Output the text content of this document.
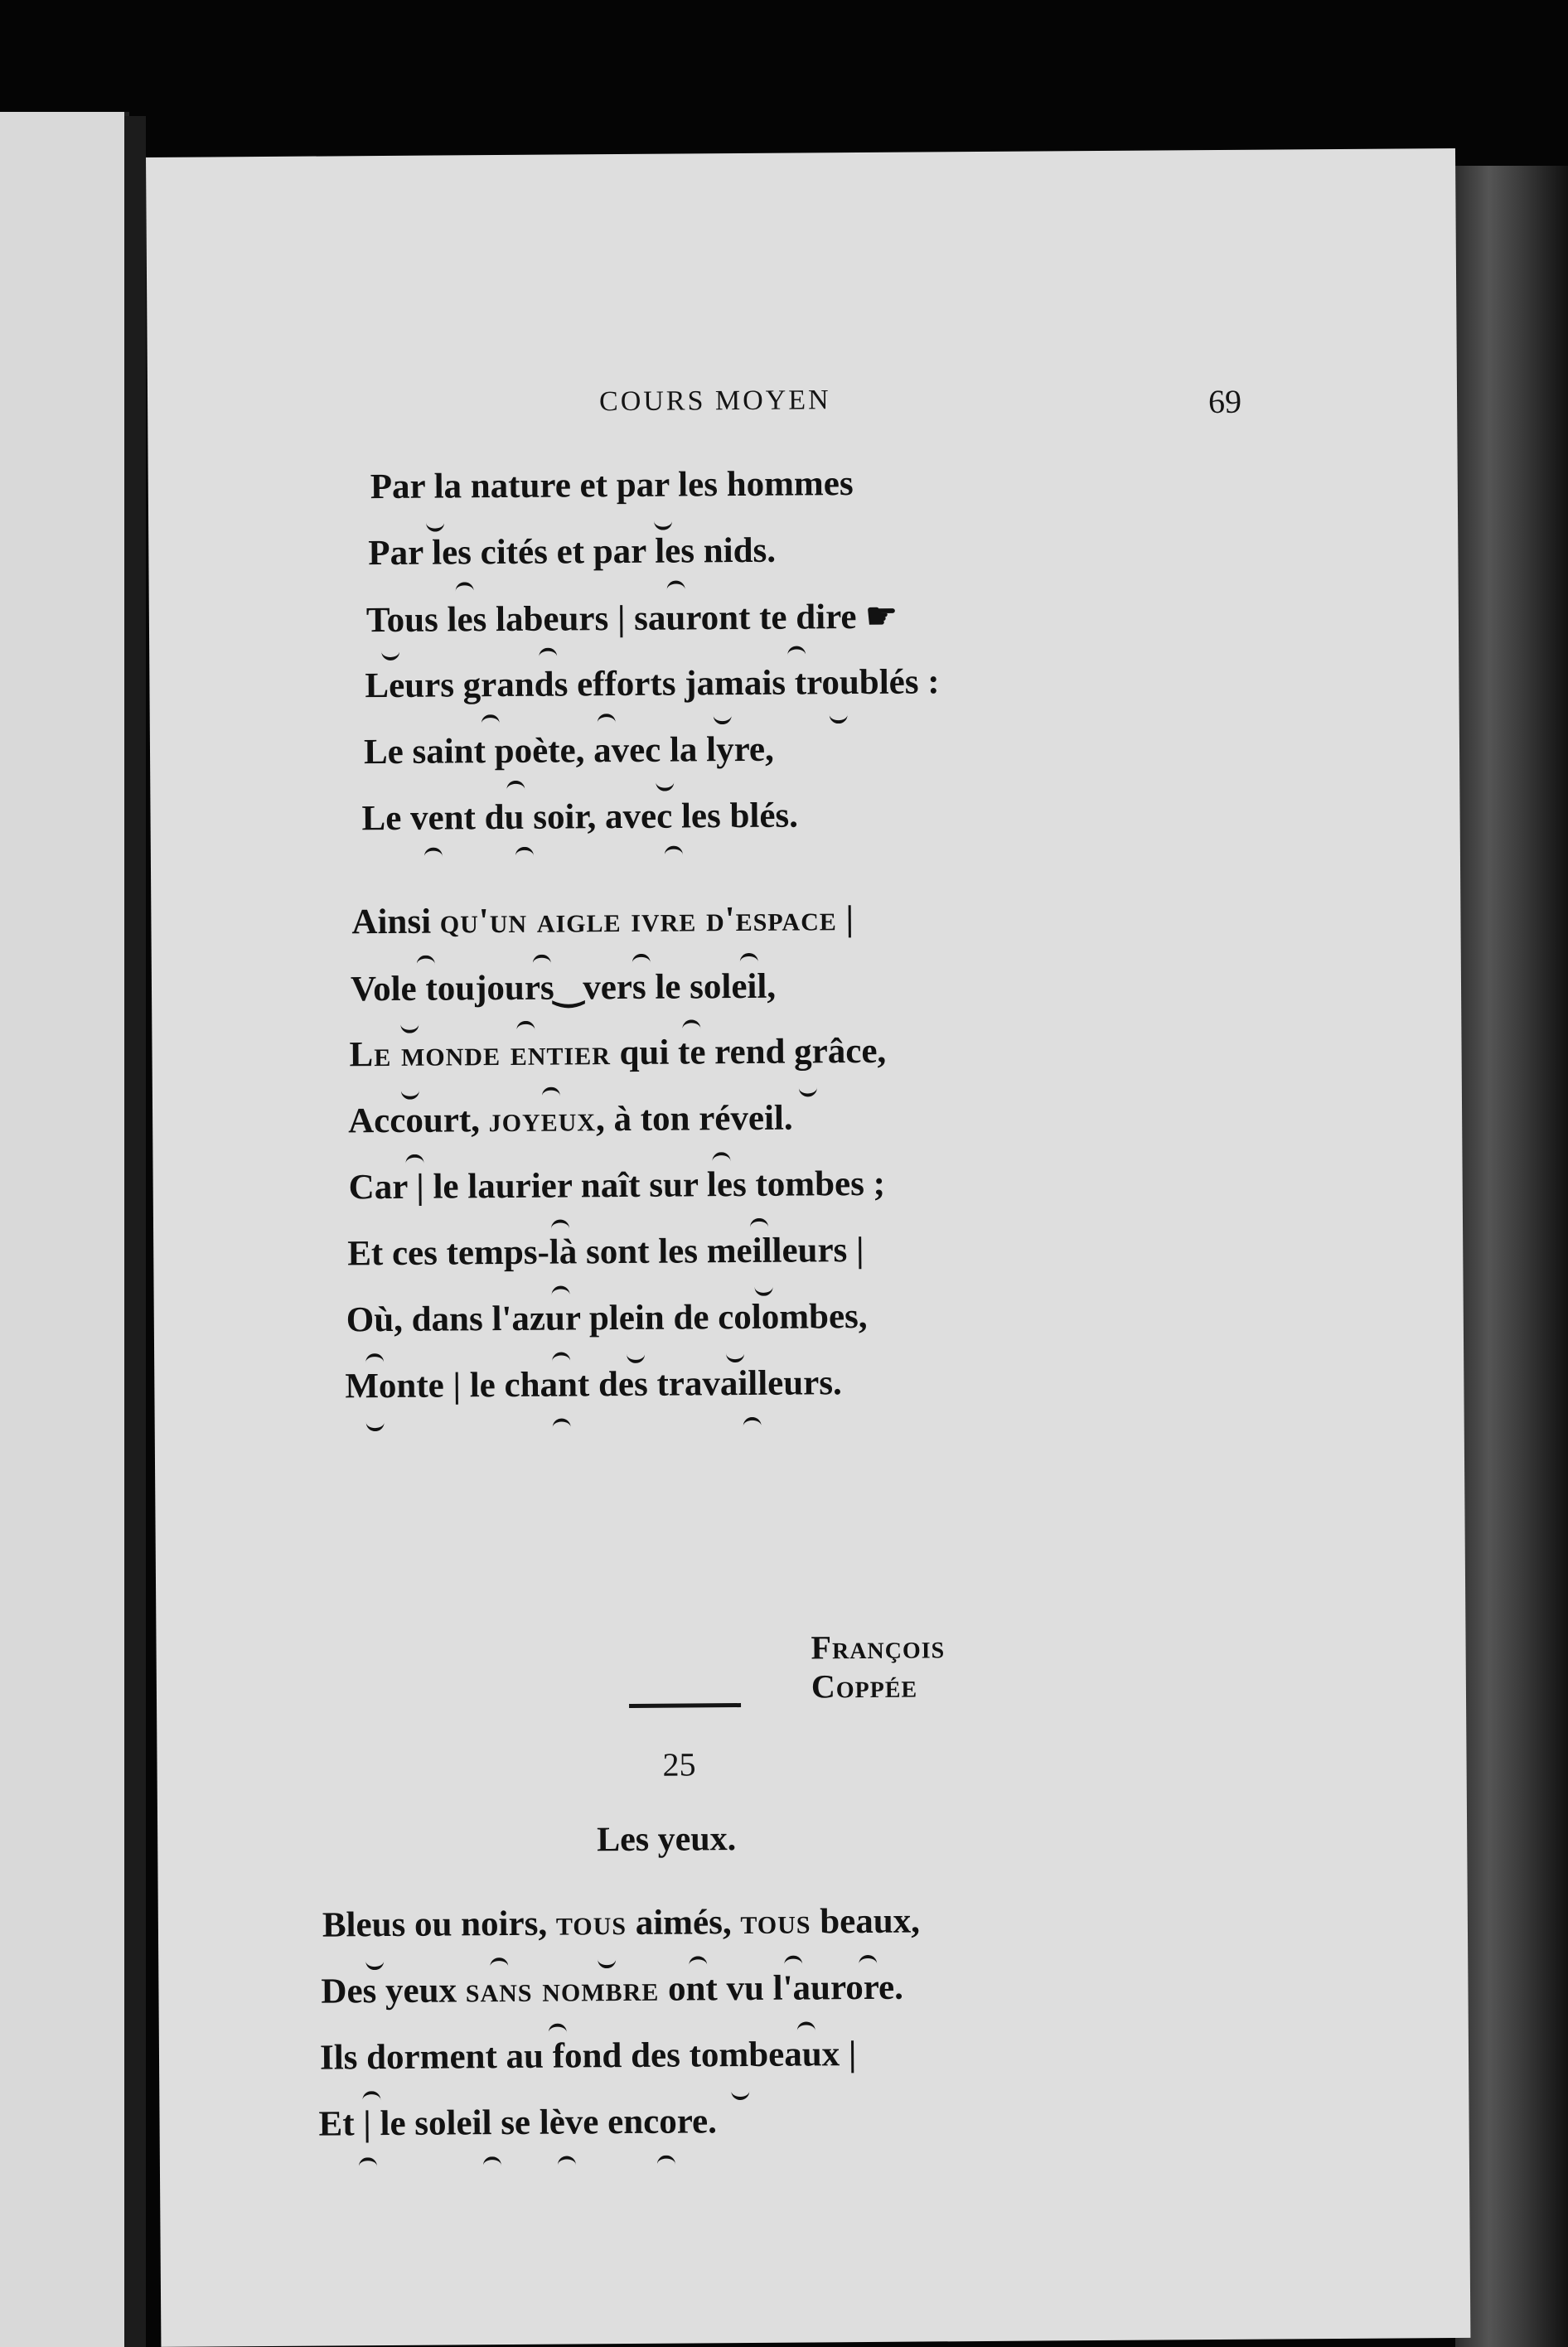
COURS MOYEN	69
Par la nature et par les hommes
Par les cités et par les nids.
Tous les labeurs | sauront te dire ☛
Leurs grands efforts jamais troublés :
Le saint poète, avec la lyre,
Le vent du soir, avec les blés.
Ainsi qu'un aigle ivre d'espace |
Vole toujours‿vers le soleil,
Le monde entier qui te rend grâce,
Accourt, joyeux, à ton réveil.
Car | le laurier naît sur les tombes ;
Et ces temps-là sont les meilleurs |
Où, dans l'azur plein de colombes,
Monte | le chant des travailleurs.
François Coppée
25
Les yeux.
Bleus ou noirs, tous aimés, tous beaux,
Des yeux sans nombre ont vu l'aurore.
Ils dorment au fond des tombeaux |
Et | le soleil se lève encore.
